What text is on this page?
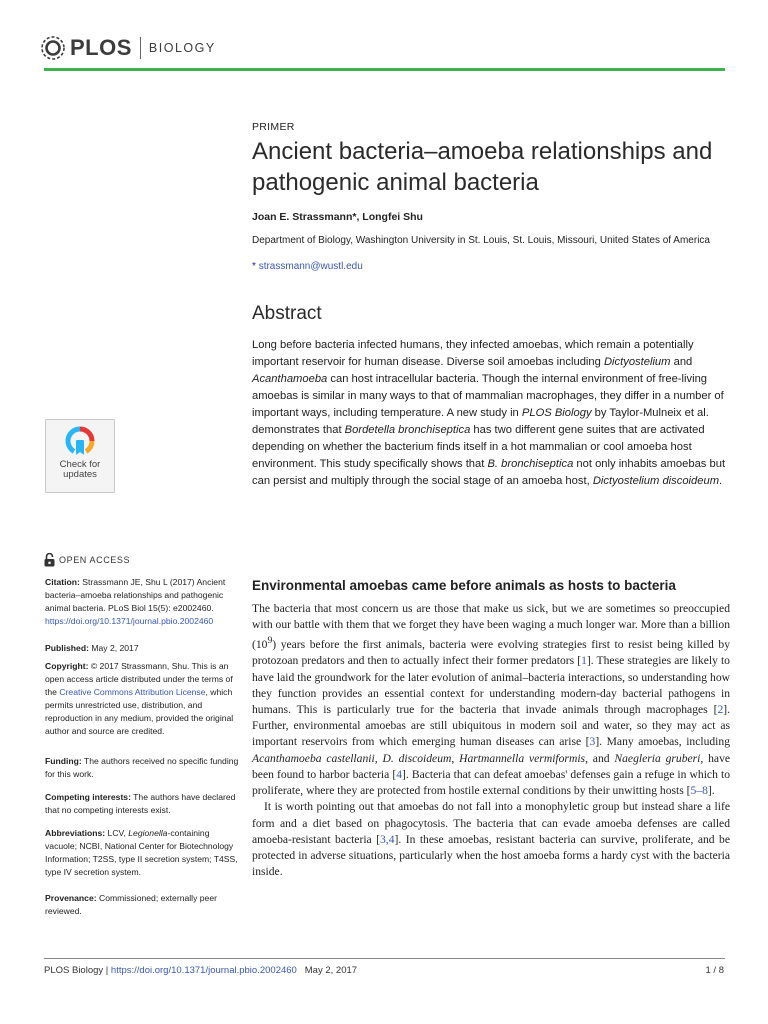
PLOS BIOLOGY
PRIMER
Ancient bacteria–amoeba relationships and pathogenic animal bacteria
Joan E. Strassmann*, Longfei Shu
Department of Biology, Washington University in St. Louis, St. Louis, Missouri, United States of America
* strassmann@wustl.edu
Abstract

Long before bacteria infected humans, they infected amoebas, which remain a potentially important reservoir for human disease. Diverse soil amoebas including Dictyostelium and Acanthamoeba can host intracellular bacteria. Though the internal environment of free-living amoebas is similar in many ways to that of mammalian macrophages, they differ in a number of important ways, including temperature. A new study in PLOS Biology by Taylor-Mulneix et al. demonstrates that Bordetella bronchiseptica has two different gene suites that are activated depending on whether the bacterium finds itself in a hot mammalian or cool amoeba host environment. This study specifically shows that B. bronchiseptica not only inhabits amoebas but can persist and multiply through the social stage of an amoeba host, Dictyostelium discoideum.

Check for
updates
OPEN ACCESS
Citation: Strassmann JE, Shu L (2017) Ancient bacteria–amoeba relationships and pathogenic animal bacteria. PLoS Biol 15(5): e2002460.
https://doi.org/10.1371/journal.pbio.2002460
Published: May 2, 2017
Copyright: © 2017 Strassmann, Shu. This is an open access article distributed under the terms of the Creative Commons Attribution License, which permits unrestricted use, distribution, and reproduction in any medium, provided the original author and source are credited.
Funding: The authors received no specific funding for this work.
Competing interests: The authors have declared that no competing interests exist.
Abbreviations: LCV, Legionella-containing vacuole; NCBI, National Center for Biotechnology Information; T2SS, type II secretion system; T4SS, type IV secretion system.
Provenance: Commissioned; externally peer reviewed.
Environmental amoebas came before animals as hosts to bacteria

The bacteria that most concern us are those that make us sick, but we are sometimes so preoccupied with our battle with them that we forget they have been waging a much longer war. More than a billion $(10^9)$ years before the first animals, bacteria were evolving strategies first to resist being killed by protozoan predators and then to actually infect their former predators [1]. These strategies are likely to have laid the groundwork for the later evolution of animal–bacteria interactions, so understanding how they function provides an essential context for understanding modern-day bacterial pathogens in humans. This is particularly true for the bacteria that invade animals through macrophages [2]. Further, environmental amoebas are still ubiquitous in modern soil and water, so they may act as important reservoirs from which emerging human diseases can arise [3]. Many amoebas, including Acanthamoeba castellanii, D. discoideum, Hartmannella vermiformis, and Naegleria gruberi, have been found to harbor bacteria [4]. Bacteria that can defeat amoebas' defenses gain a refuge in which to proliferate, where they are protected from hostile external conditions by their unwitting hosts [5–8].

It is worth pointing out that amoebas do not fall into a monophyletic group but instead share a life form and a diet based on phagocytosis. The bacteria that can evade amoeba defenses are called amoeba-resistant bacteria [3,4]. In these amoebas, resistant bacteria can survive, proliferate, and be protected in adverse situations, particularly when the host amoeba forms a hardy cyst with the bacteria inside.

PLOS Biology | https://doi.org/10.1371/journal.pbio.2002460 May 2, 2017	1 / 8
